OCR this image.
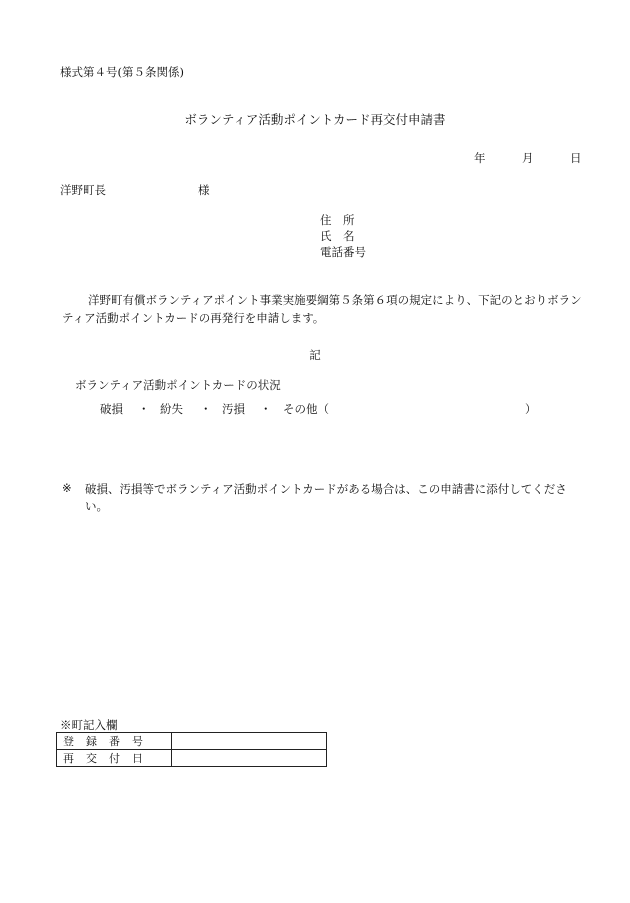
様式第４号(第５条関係)
ボランティア活動ポイントカード再交付申請書
年	月	日
洋野町長	様
住　所
氏　名
電話番号
洋野町有償ボランティアポイント事業実施要綱第５条第６項の規定により、下記のとおりボランティア活動ポイントカードの再発行を申請します。
記
ボランティア活動ポイントカードの状況
破損 ・ 紛失 ・ 汚損 ・ その他（	）
※ 破損、汚損等でボランティア活動ポイントカードがある場合は、この申請書に添付してください。
※町記入欄
登録番号	
再交付日	
